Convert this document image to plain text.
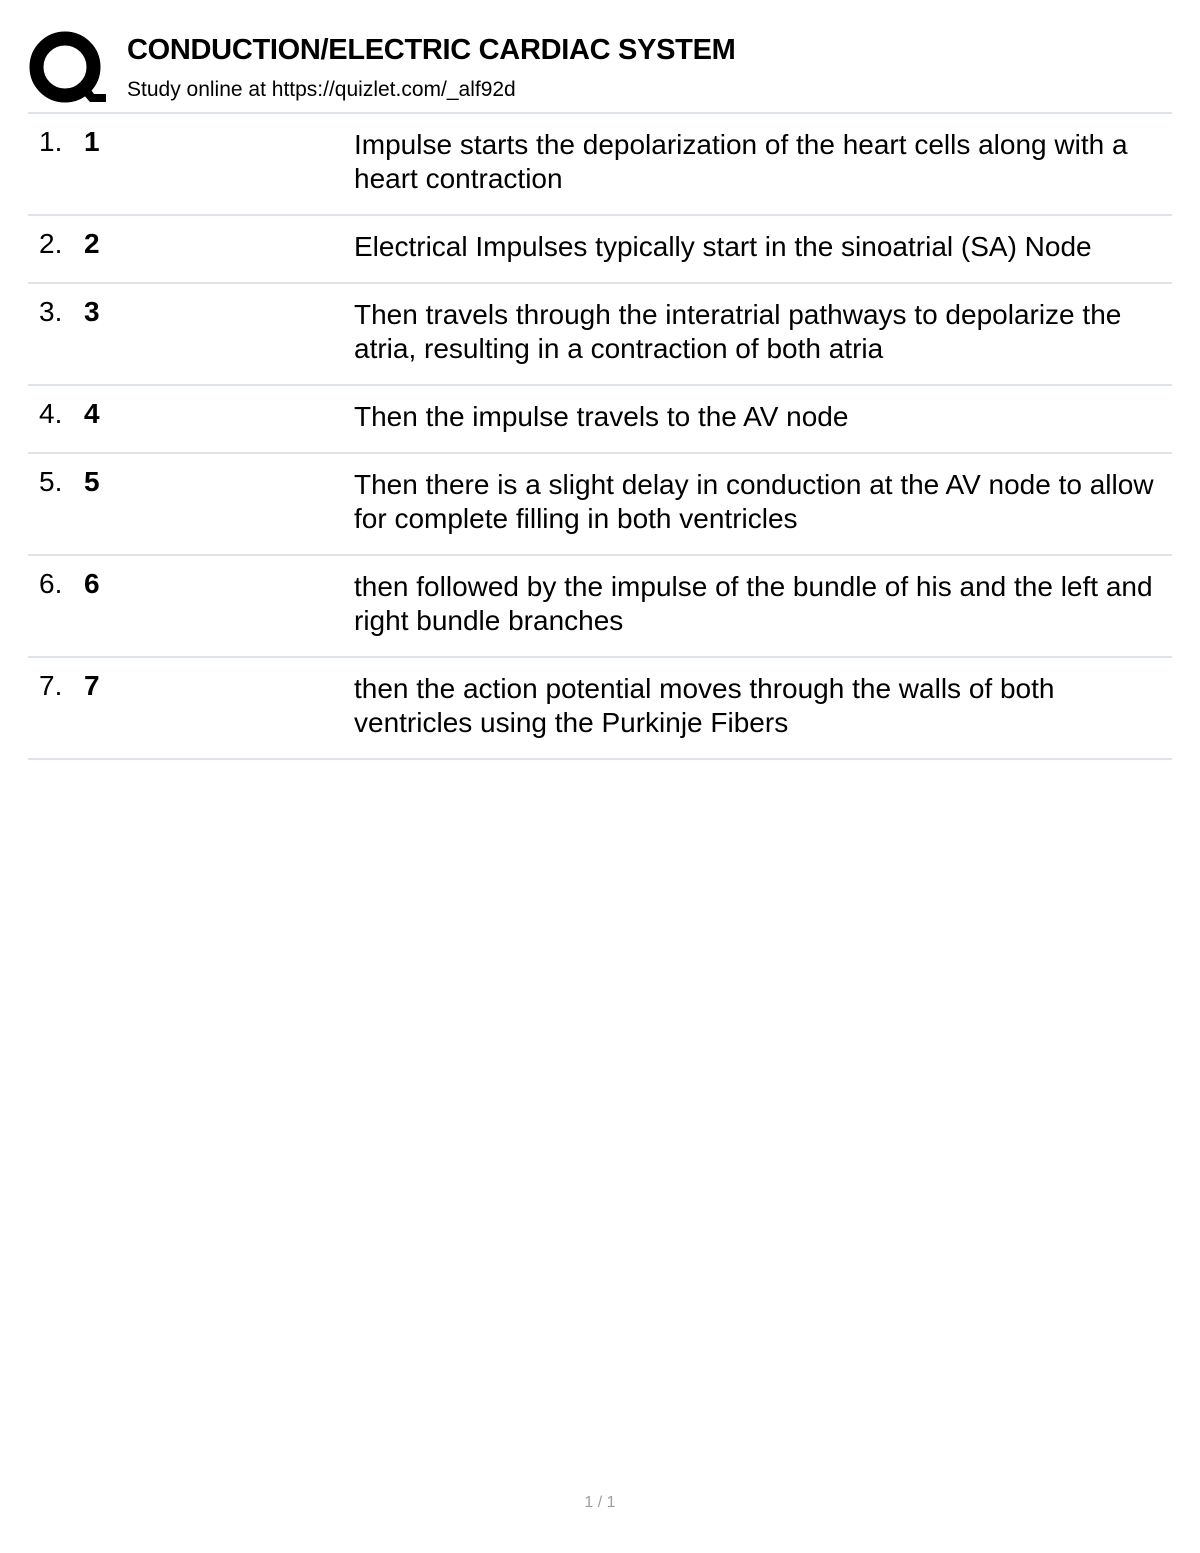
CONDUCTION/ELECTRIC CARDIAC SYSTEM
Study online at https://quizlet.com/_alf92d
1. 1	Impulse starts the depolarization of the heart cells along with a heart contraction
2. 2	Electrical Impulses typically start in the sinoatrial (SA) Node
3. 3	Then travels through the interatrial pathways to depolarize the atria, resulting in a contraction of both atria
4. 4	Then the impulse travels to the AV node
5. 5	Then there is a slight delay in conduction at the AV node to allow for complete filling in both ventricles
6. 6	then followed by the impulse of the bundle of his and the left and right bundle branches
7. 7	then the action potential moves through the walls of both ventricles using the Purkinje Fibers
1 / 1
